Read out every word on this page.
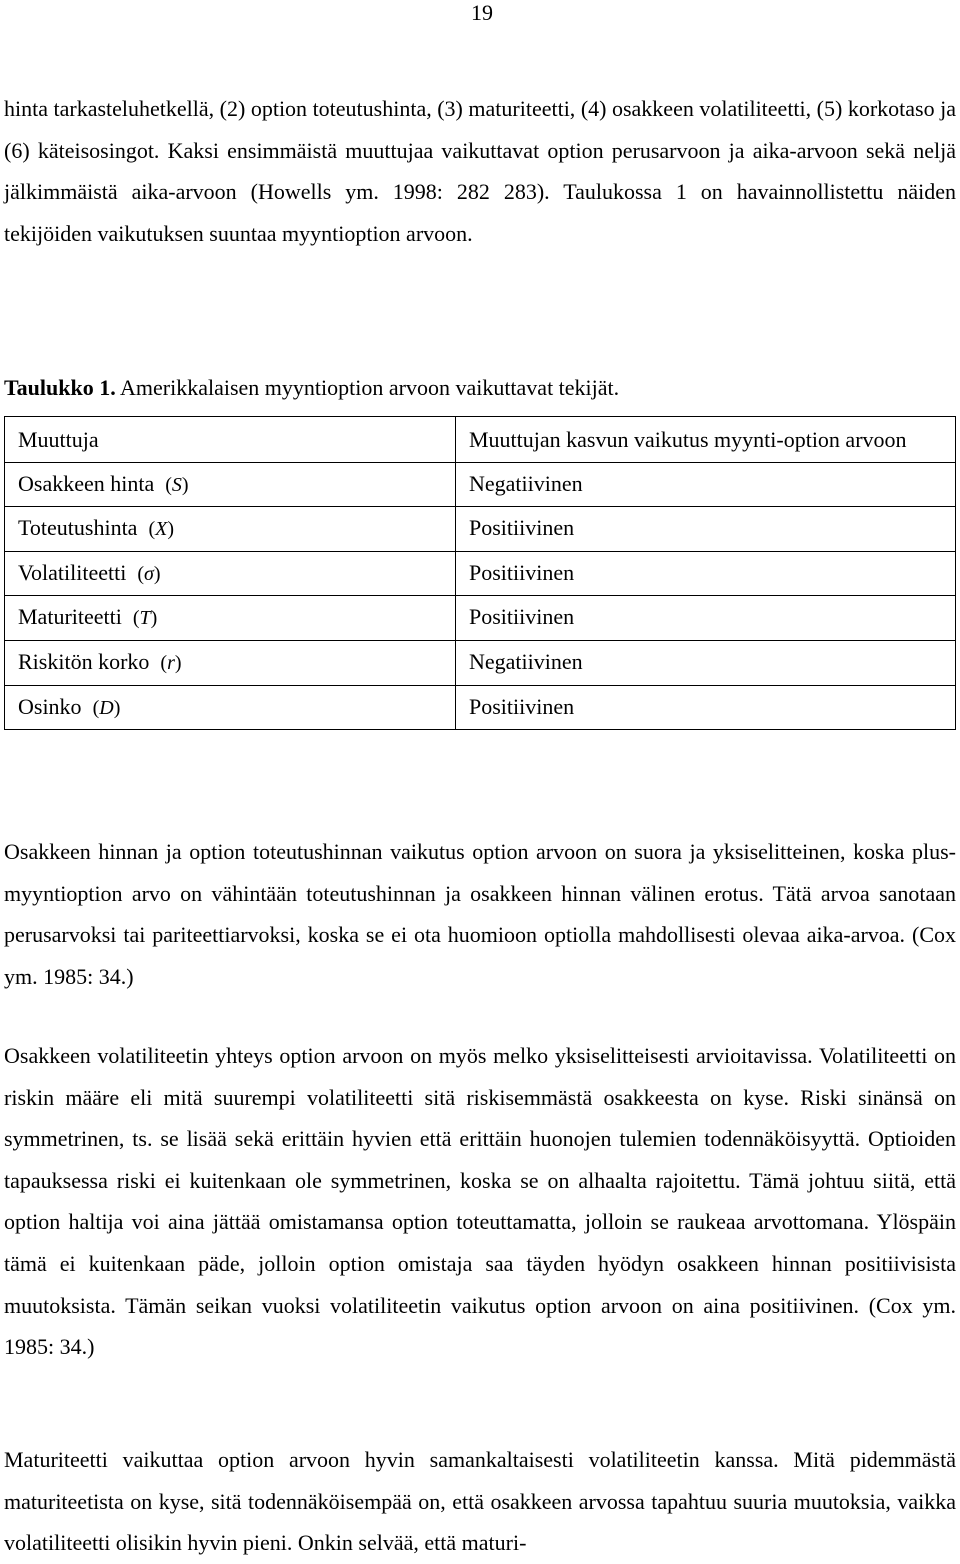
19

hinta tarkasteluhetkellä, (2) option toteutushinta, (3) maturiteetti, (4) osakkeen volatiliteetti, (5) korkotaso ja (6) käteisosingot. Kaksi ensimmäistä muuttujaa vaikuttavat option perusarvoon ja aika-arvoon sekä neljä jälkimmäistä aika-arvoon (Howells ym. 1998: 282 283). Taulukossa 1 on havainnollistettu näiden tekijöiden vaikutuksen suuntaa myyntioption arvoon.

Taulukko 1. Amerikkalaisen myyntioption arvoon vaikuttavat tekijät.
Muuttuja	Muuttujan kasvun vaikutus myynti-option arvoon
Osakkeen hinta (S)	Negatiivinen
Toteutushinta (X)	Positiivinen
Volatiliteetti (σ)	Positiivinen
Maturiteetti (T)	Positiivinen
Riskitön korko (r)	Negatiivinen
Osinko (D)	Positiivinen

Osakkeen hinnan ja option toteutushinnan vaikutus option arvoon on suora ja yksiselitteinen, koska plus-myyntioption arvo on vähintään toteutushinnan ja osakkeen hinnan välinen erotus. Tätä arvoa sanotaan perusarvoksi tai pariteettiarvoksi, koska se ei ota huomioon optiolla mahdollisesti olevaa aika-arvoa. (Cox ym. 1985: 34.)

Osakkeen volatiliteetin yhteys option arvoon on myös melko yksiselitteisesti arvioitavissa. Volatiliteetti on riskin määre eli mitä suurempi volatiliteetti sitä riskisemmästä osakkeesta on kyse. Riski sinänsä on symmetrinen, ts. se lisää sekä erittäin hyvien että erittäin huonojen tulemien todennäköisyyttä. Optioiden tapauksessa riski ei kuitenkaan ole symmetrinen, koska se on alhaalta rajoitettu. Tämä johtuu siitä, että option haltija voi aina jättää omistamansa option toteuttamatta, jolloin se raukeaa arvottomana. Ylöspäin tämä ei kuitenkaan päde, jolloin option omistaja saa täyden hyödyn osakkeen hinnan positiivisista muutoksista. Tämän seikan vuoksi volatiliteetin vaikutus option arvoon on aina positiivinen. (Cox ym. 1985: 34.)

Maturiteetti vaikuttaa option arvoon hyvin samankaltaisesti volatiliteetin kanssa. Mitä pidemmästä maturiteetista on kyse, sitä todennäköisempää on, että osakkeen arvossa tapahtuu suuria muutoksia, vaikka volatiliteetti olisikin hyvin pieni. Onkin selvää, että maturi-
